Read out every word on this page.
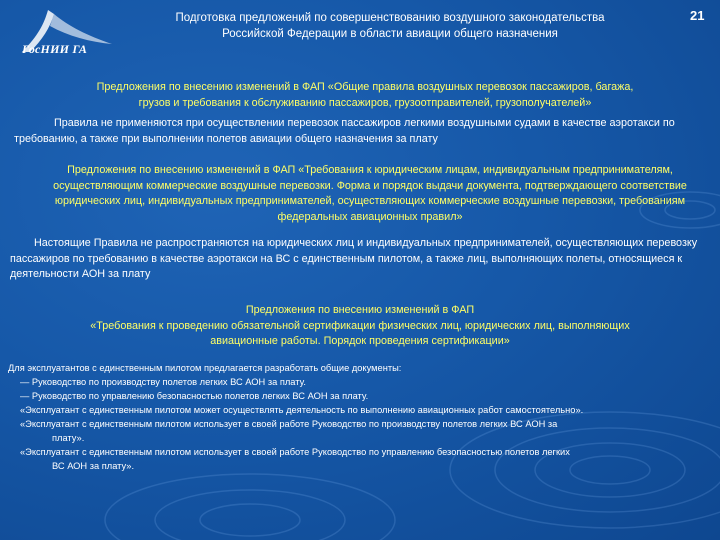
ГосНИИ ГА
Подготовка предложений по совершенствованию воздушного законодательства
Российской Федерации в области авиации общего назначения
21
Предложения по внесению изменений в ФАП «Общие правила воздушных перевозок пассажиров, багажа,
грузов и требования к обслуживанию пассажиров, грузоотправителей, грузополучателей»
Правила не применяются при осуществлении перевозок пассажиров легкими воздушными судами в качестве аэротакси по требованию, а также при выполнении полетов авиации общего назначения за плату
Предложения по внесению изменений в ФАП «Требования к юридическим лицам, индивидуальным предпринимателям, осуществляющим коммерческие воздушные перевозки. Форма и порядок выдачи документа, подтверждающего соответствие юридических лиц, индивидуальных предпринимателей, осуществляющих коммерческие воздушные перевозки, требованиям федеральных авиационных правил»
Настоящие Правила не распространяются на юридических лиц и индивидуальных предпринимателей, осуществляющих перевозку пассажиров по требованию в качестве аэротакси на ВС с единственным пилотом, а также лиц, выполняющих полеты, относящиеся к деятельности АОН за плату
Предложения по внесению изменений в ФАП
«Требования к проведению обязательной сертификации физических лиц, юридических лиц, выполняющих
авиационные работы. Порядок проведения сертификации»
Для эксплуатантов с единственным пилотом предлагается разработать общие документы:
— Руководство по производству полетов легких ВС АОН за плату.
— Руководство по управлению безопасностью полетов легких ВС АОН за плату.
«Эксплуатант с единственным пилотом может осуществлять деятельность по выполнению авиационных работ самостоятельно».
«Эксплуатант с единственным пилотом использует в своей работе Руководство по производству полетов легких ВС АОН за
плату».
«Эксплуатант с единственным пилотом использует в своей работе Руководство по управлению безопасностью полетов легких
ВС АОН за плату».
